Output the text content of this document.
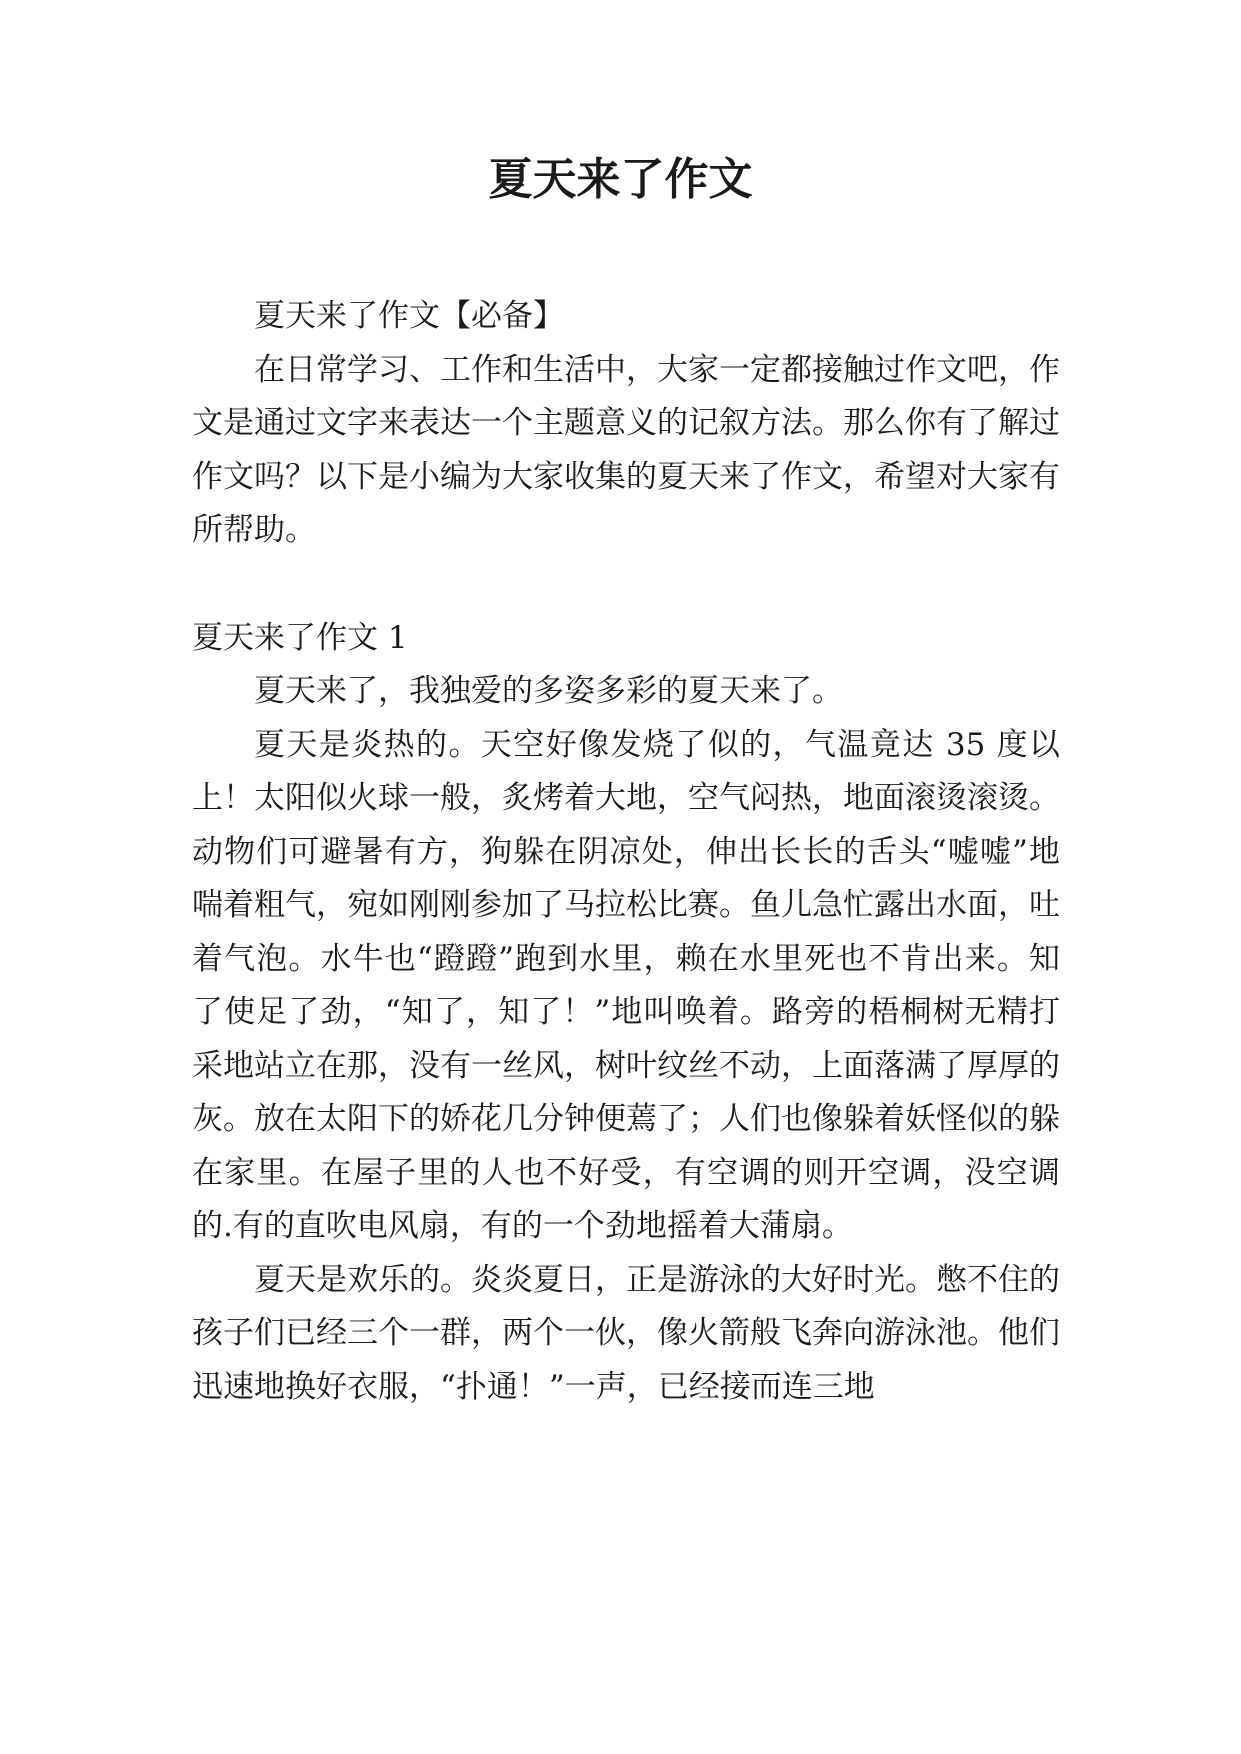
夏天来了作文

夏天来了作文【必备】

在日常学习、工作和生活中，大家一定都接触过作文吧，作文是通过文字来表达一个主题意义的记叙方法。那么你有了解过作文吗？以下是小编为大家收集的夏天来了作文，希望对大家有所帮助。

夏天来了作文 1

夏天来了，我独爱的多姿多彩的夏天来了。

夏天是炎热的。天空好像发烧了似的，气温竟达 35 度以上！太阳似火球一般，炙烤着大地，空气闷热，地面滚烫滚烫。动物们可避暑有方，狗躲在阴凉处，伸出长长的舌头“嘘嘘”地喘着粗气，宛如刚刚参加了马拉松比赛。鱼儿急忙露出水面，吐着气泡。水牛也“蹬蹬”跑到水里，赖在水里死也不肯出来。知了使足了劲，“知了，知了！”地叫唤着。路旁的梧桐树无精打采地站立在那，没有一丝风，树叶纹丝不动，上面落满了厚厚的灰。放在太阳下的娇花几分钟便蔫了；人们也像躲着妖怪似的躲在家里。在屋子里的人也不好受，有空调的则开空调，没空调的.有的直吹电风扇，有的一个劲地摇着大蒲扇。

夏天是欢乐的。炎炎夏日，正是游泳的大好时光。憋不住的孩子们已经三个一群，两个一伙，像火箭般飞奔向游泳池。他们迅速地换好衣服，“扑通！”一声，已经接而连三地
